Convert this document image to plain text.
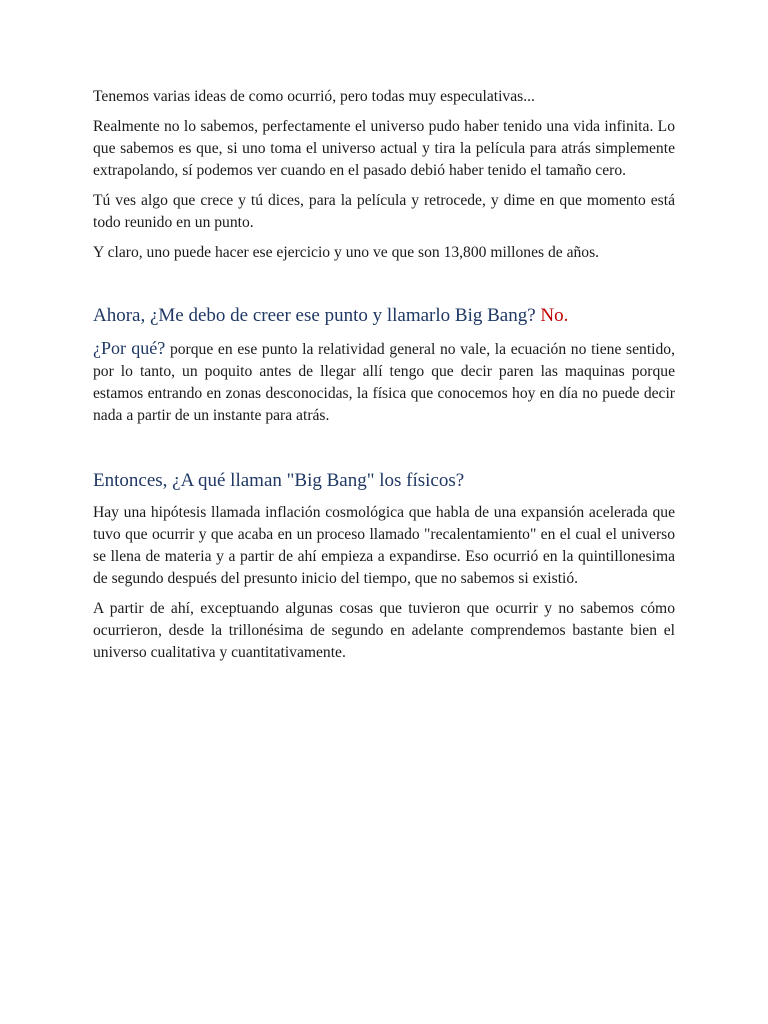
Tenemos varias ideas de como ocurrió, pero todas muy especulativas...

Realmente no lo sabemos, perfectamente el universo pudo haber tenido una vida infinita. Lo que sabemos es que, si uno toma el universo actual y tira la película para atrás simplemente extrapolando, sí podemos ver cuando en el pasado debió haber tenido el tamaño cero.

Tú ves algo que crece y tú dices, para la película y retrocede, y dime en que momento está todo reunido en un punto.

Y claro, uno puede hacer ese ejercicio y uno ve que son 13,800 millones de años.

Ahora, ¿Me debo de creer ese punto y llamarlo Big Bang? No.

¿Por qué? porque en ese punto la relatividad general no vale, la ecuación no tiene sentido, por lo tanto, un poquito antes de llegar allí tengo que decir paren las maquinas porque estamos entrando en zonas desconocidas, la física que conocemos hoy en día no puede decir nada a partir de un instante para atrás.

Entonces, ¿A qué llaman "Big Bang" los físicos?

Hay una hipótesis llamada inflación cosmológica que habla de una expansión acelerada que tuvo que ocurrir y que acaba en un proceso llamado "recalentamiento" en el cual el universo se llena de materia y a partir de ahí empieza a expandirse. Eso ocurrió en la quintillonesima de segundo después del presunto inicio del tiempo, que no sabemos si existió.

A partir de ahí, exceptuando algunas cosas que tuvieron que ocurrir y no sabemos cómo ocurrieron, desde la trillonésima de segundo en adelante comprendemos bastante bien el universo cualitativa y cuantitativamente.
